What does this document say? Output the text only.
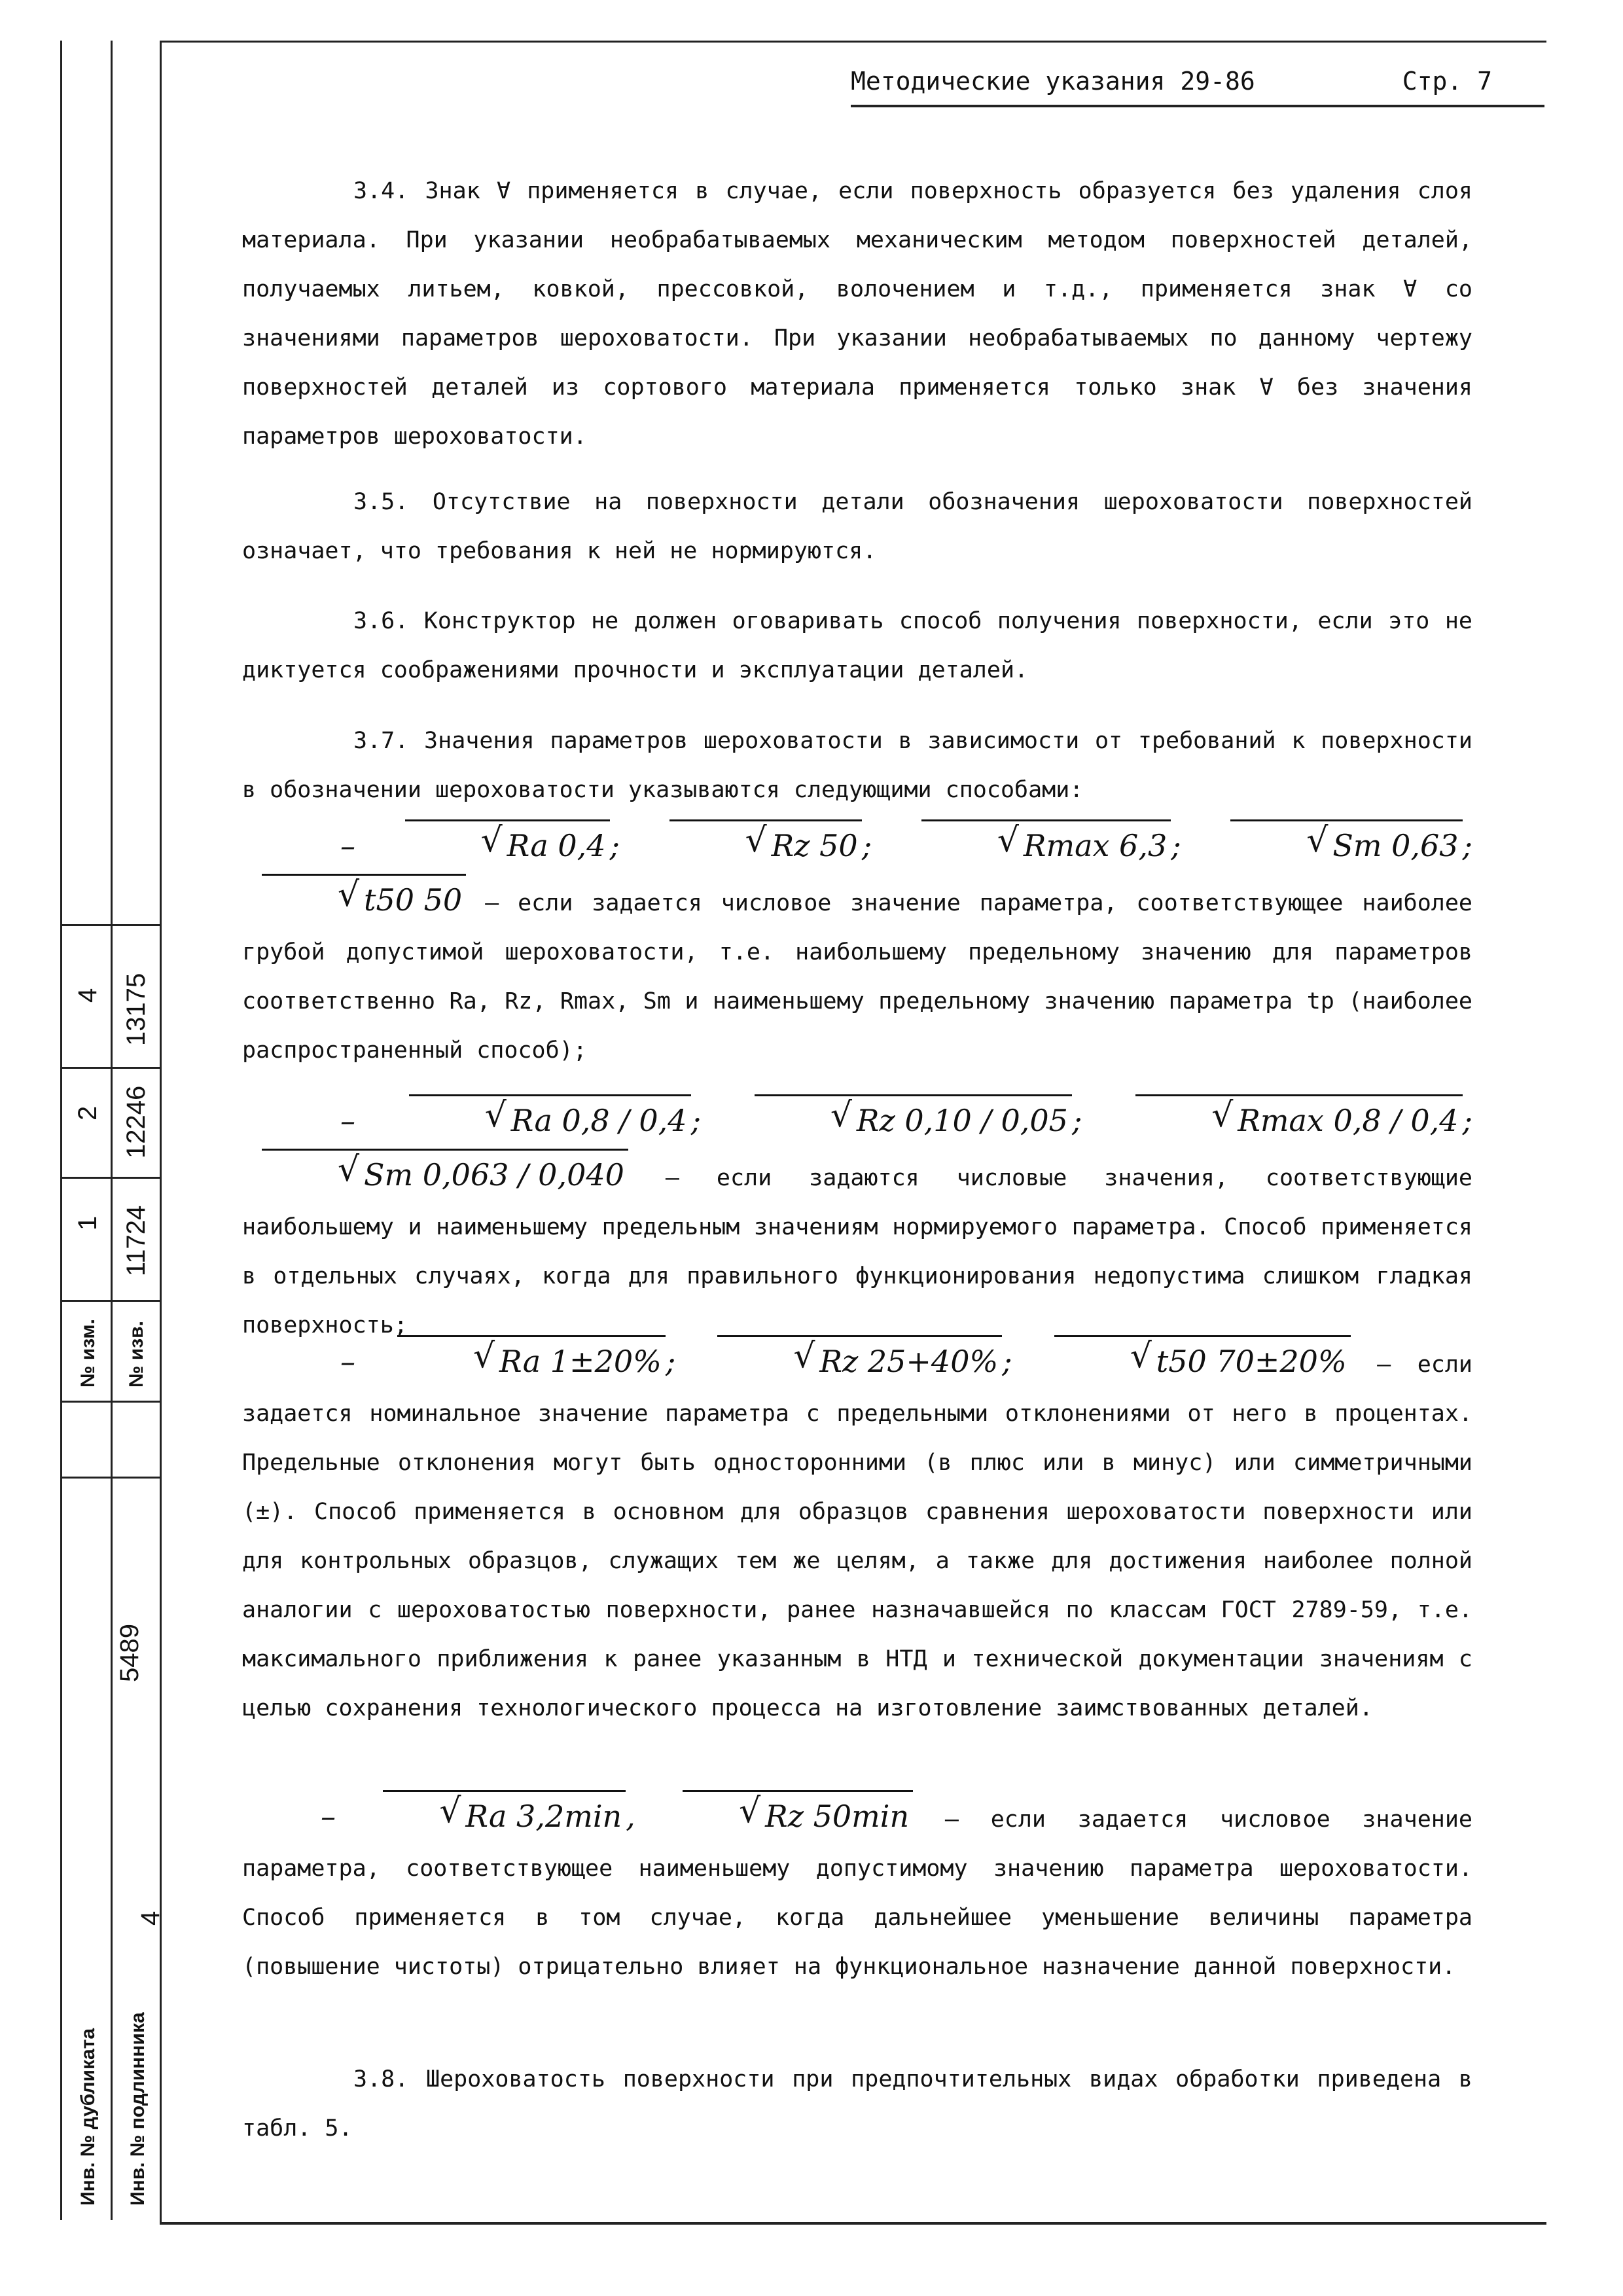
4
4 13175
2 12246
1 11724
№ изм. № изв.
5489
Инв. № подлинника
Инв. № дубликата
Методические указания 29-86	Стр. 7

3.4. Знак ∀ применяется в случае, если поверхность образуется без удаления слоя материала. При указании необрабатываемых механическим методом поверхностей деталей, получаемых литьем, ковкой, прессовкой, волочением и т.д., применяется знак ∀ со значениями параметров шероховатости. При указании необрабатываемых по данному чертежу поверхностей деталей из сортового материала применяется только знак ∀ без значения параметров шероховатости.

3.5. Отсутствие на поверхности детали обозначения шероховатости поверхностей означает, что требования к ней не нормируются.

3.6. Конструктор не должен оговаривать способ получения поверхности, если это не диктуется соображениями прочности и эксплуатации деталей.

3.7. Значения параметров шероховатости в зависимости от требований к поверхности в обозначении шероховатости указываются следующими способами:

–	√ Ra 0,4 ;	√ Rz 50 ;	√ Rmax 6,3 ;	√ Sm 0,63 ; √ t50 50 – если задается числовое значение параметра, соответствующее наиболее грубой допустимой шероховатости, т.е. наибольшему предельному значению для параметров соответственно Ra, Rz, Rmax, Sm и наименьшему предельному значению параметра tp (наиболее распространенный способ);

–	√ Ra 0,8 / 0,4 ;	√ Rz 0,10 / 0,05 ;	√ Rmax 0,8 / 0,4 ; √ Sm 0,063 / 0,040 – если задаются числовые значения, соответствующие наибольшему и наименьшему предельным значениям нормируемого параметра. Способ применяется в отдельных случаях, когда для правильного функционирования недопустима слишком гладкая поверхность;

–	√ Ra 1±20% ;	√ Rz 25+40% ;	√ t50 70±20% – если задается номинальное значение параметра с предельными отклонениями от него в процентах. Предельные отклонения могут быть односторонними (в плюс или в минус) или симметричными (±). Способ применяется в основном для образцов сравнения шероховатости поверхности или для контрольных образцов, служащих тем же целям, а также для достижения наиболее полной аналогии с шероховатостью поверхности, ранее назначавшейся по классам ГОСТ 2789-59, т.е. максимального приближения к ранее указанным в НТД и технической документации значениям с целью сохранения технологического процесса на изготовление заимствованных деталей.

–	√ Ra 3,2min ,	√ Rz 50min – если задается числовое значение параметра, соответствующее наименьшему допустимому значению параметра шероховатости. Способ применяется в том случае, когда дальнейшее уменьшение величины параметра (повышение чистоты) отрицательно влияет на функциональное назначение данной поверхности.

3.8. Шероховатость поверхности при предпочтительных видах обработки приведена в табл. 5.
